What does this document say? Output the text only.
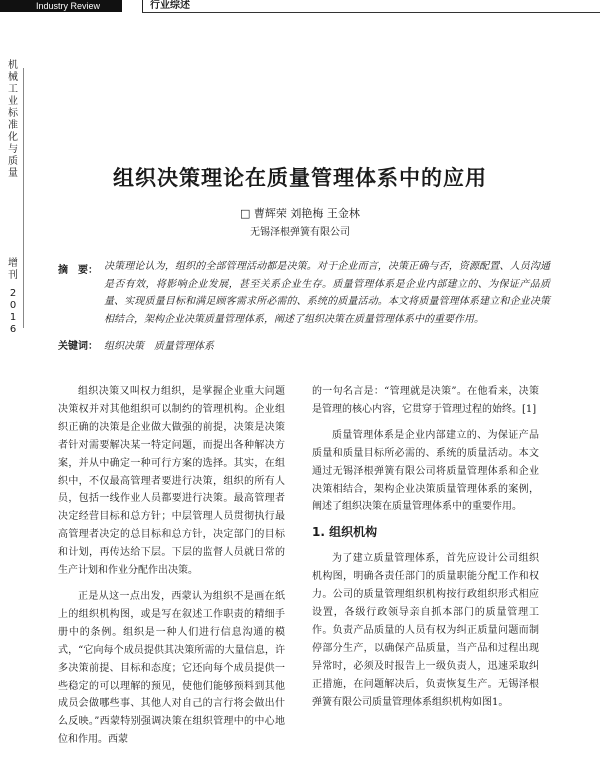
Industry Review	行业综述
机械工业标准化与质量
增刊
2016
组织决策理论在质量管理体系中的应用
□ 曹辉荣 刘艳梅 王金林
无锡泽根弹簧有限公司
摘　要： 决策理论认为，组织的全部管理活动都是决策。对于企业而言，决策正确与否，资源配置、人员沟通是否有效，将影响企业发展，甚至关系企业生存。质量管理体系是企业内部建立的、为保证产品质量、实现质量目标和满足顾客需求所必需的、系统的质量活动。本文将质量管理体系建立和企业决策相结合，架构企业决策质量管理体系，阐述了组织决策在质量管理体系中的重要作用。
关键词： 组织决策　质量管理体系

组织决策又叫权力组织，是掌握企业重大问题决策权并对其他组织可以制约的管理机构。企业组织正确的决策是企业做大做强的前提，决策是决策者针对需要解决某一特定问题，而提出各种解决方案，并从中确定一种可行方案的选择。其实，在组织中，不仅最高管理者要进行决策，组织的所有人员，包括一线作业人员都要进行决策。最高管理者决定经营目标和总方针；中层管理人员贯彻执行最高管理者决定的总目标和总方针，决定部门的目标和计划，再传达给下层。下层的监督人员就日常的生产计划和作业分配作出决策。

正是从这一点出发，西蒙认为组织不是画在纸上的组织机构图，或是写在叙述工作职责的精细手册中的条例。组织是一种人们进行信息沟通的模式，“它向每个成员提供其决策所需的大量信息，许多决策前提、目标和态度；它还向每个成员提供一些稳定的可以理解的预见，使他们能够预料到其他成员会做哪些事、其他人对自己的言行将会做出什么反映。”西蒙特别强调决策在组织管理中的中心地位和作用。西蒙

的一句名言是：“管理就是决策”。在他看来，决策是管理的核心内容，它贯穿于管理过程的始终。[1]

质量管理体系是企业内部建立的、为保证产品质量和质量目标所必需的、系统的质量活动。本文通过无锡泽根弹簧有限公司将质量管理体系和企业决策相结合，架构企业决策质量管理体系的案例，阐述了组织决策在质量管理体系中的重要作用。

1. 组织机构

为了建立质量管理体系，首先应设计公司组织机构图，明确各责任部门的质量职能分配工作和权力。公司的质量管理组织机构按行政组织形式相应设置，各级行政领导亲自抓本部门的质量管理工作。负责产品质量的人员有权为纠正质量问题而制停部分生产，以确保产品质量，当产品和过程出现异常时，必须及时报告上一级负责人，迅速采取纠正措施，在问题解决后，负责恢复生产。无锡泽根弹簧有限公司质量管理体系组织机构如图1。
